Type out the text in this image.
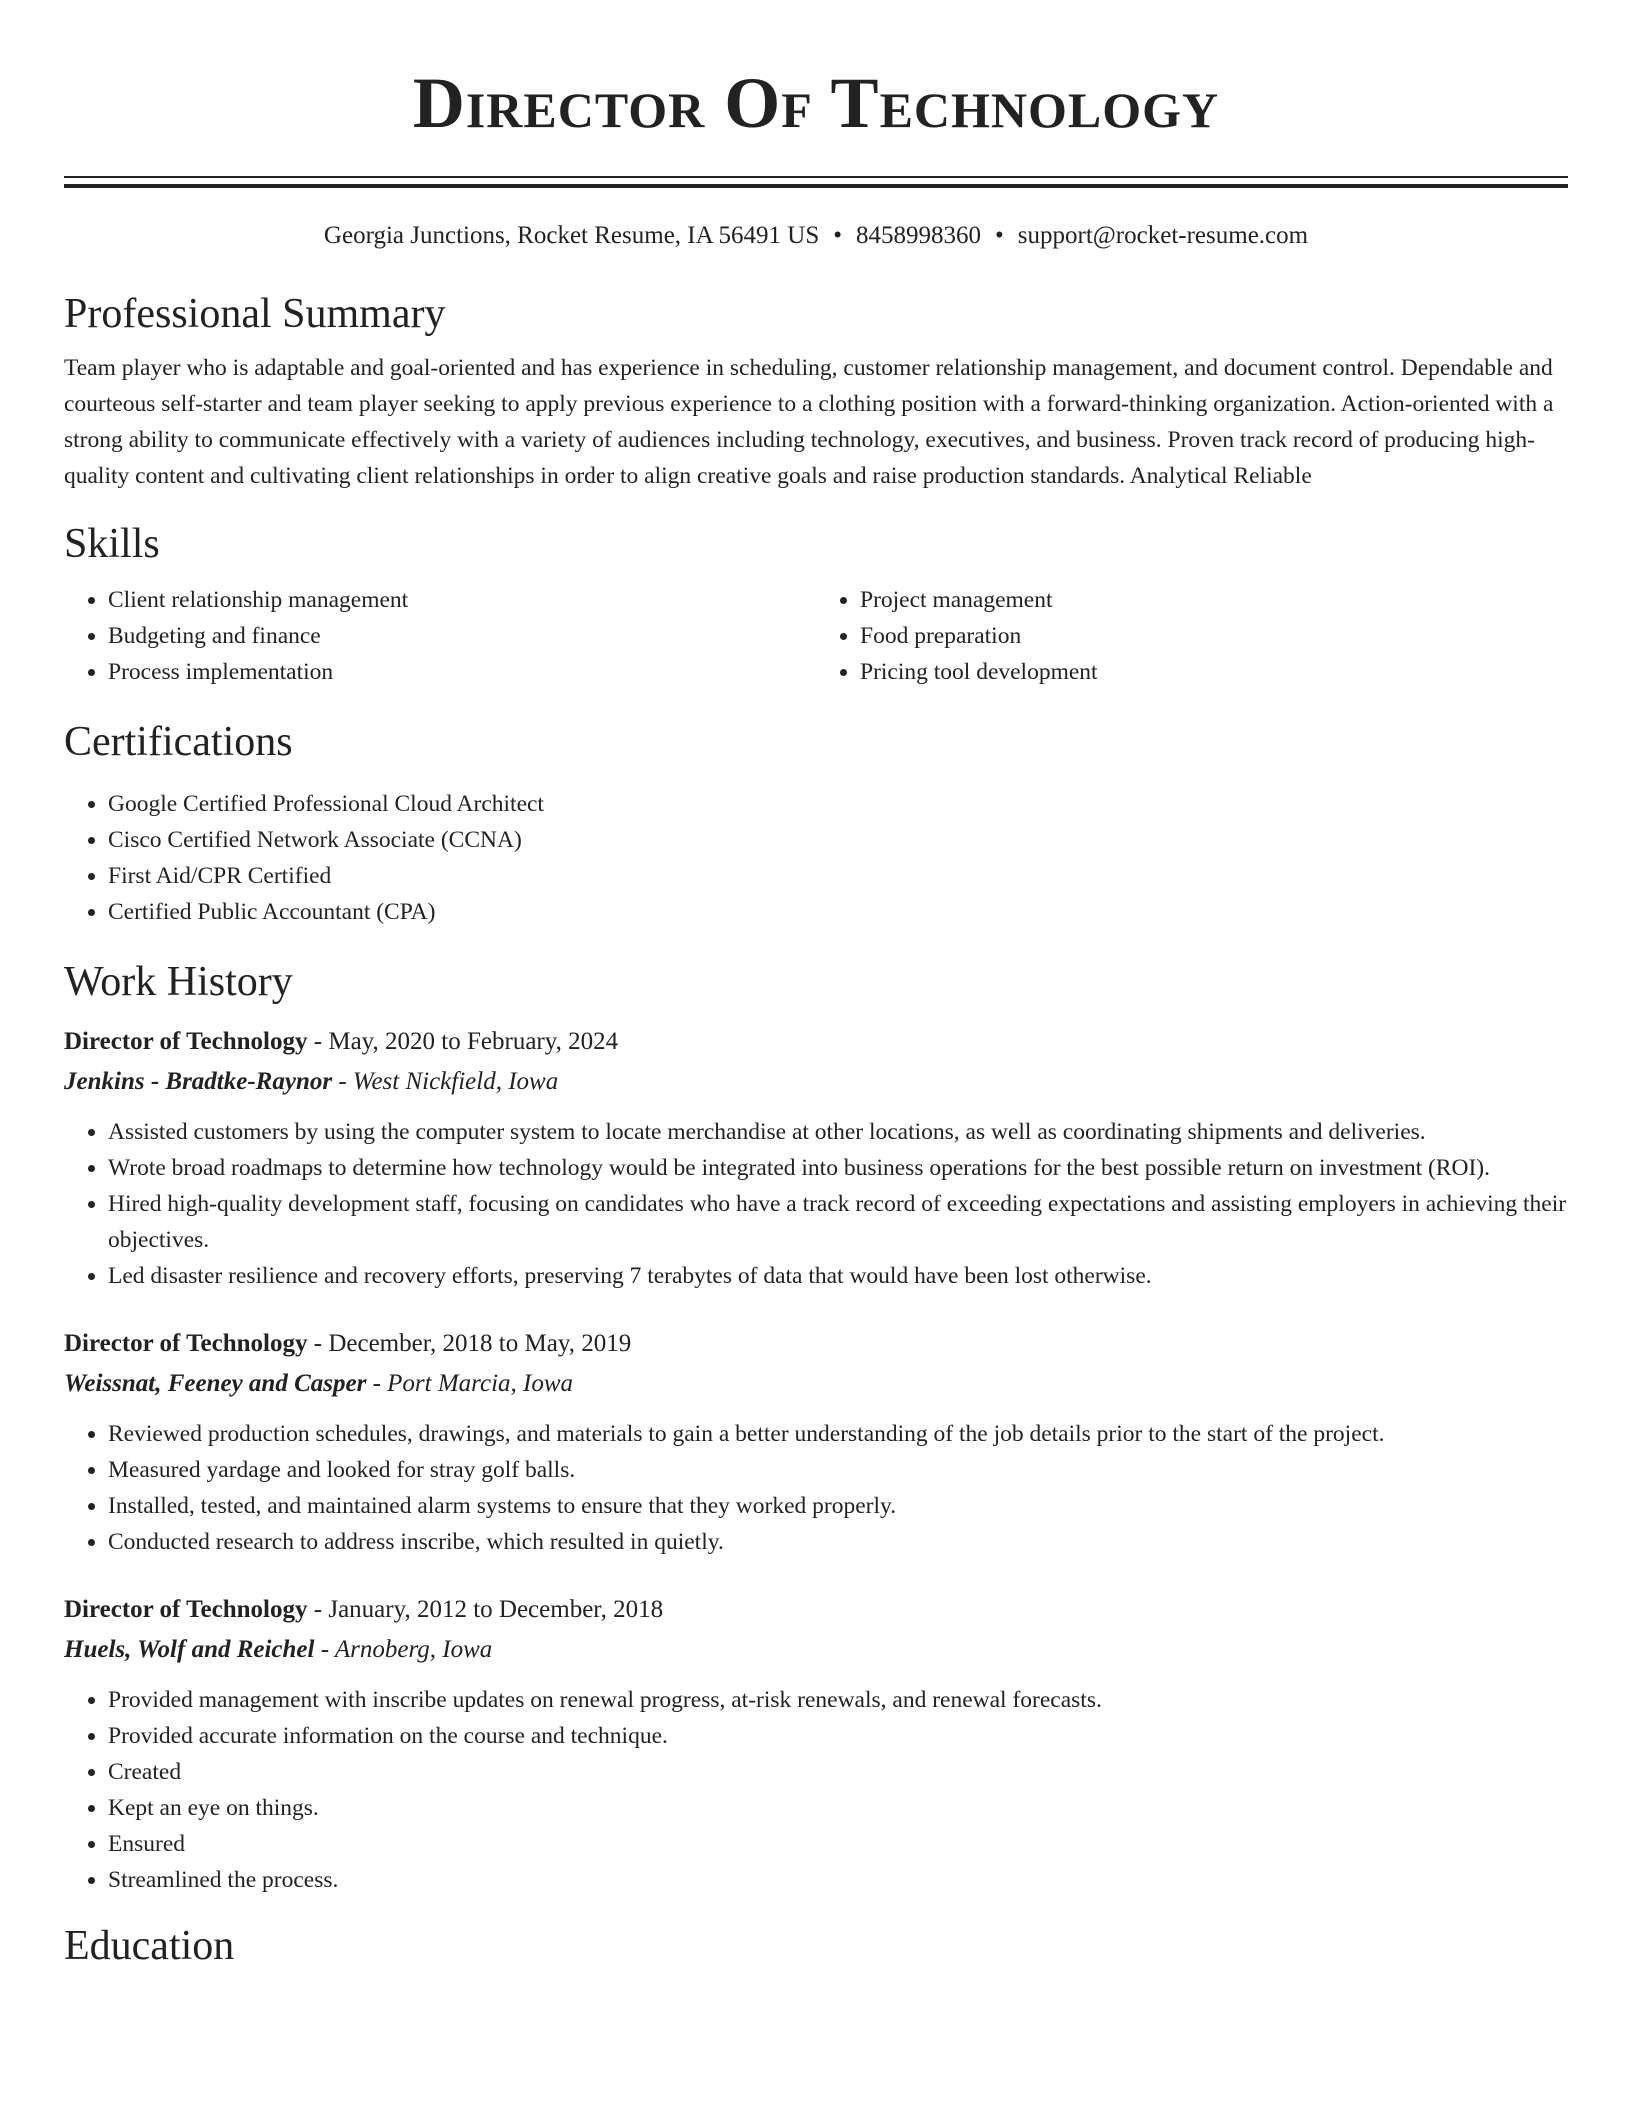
Director Of Technology
Georgia Junctions, Rocket Resume, IA 56491 US • 8458998360 • support@rocket-resume.com
Professional Summary

Team player who is adaptable and goal-oriented and has experience in scheduling, customer relationship management, and document control. Dependable and courteous self-starter and team player seeking to apply previous experience to a clothing position with a forward-thinking organization. Action-oriented with a strong ability to communicate effectively with a variety of audiences including technology, executives, and business. Proven track record of producing high-quality content and cultivating client relationships in order to align creative goals and raise production standards. Analytical Reliable

Skills
• Client relationship management
• Budgeting and finance
• Process implementation
• Project management
• Food preparation
• Pricing tool development
Certifications
• Google Certified Professional Cloud Architect
• Cisco Certified Network Associate (CCNA)
• First Aid/CPR Certified
• Certified Public Accountant (CPA)
Work History
Director of Technology - May, 2020 to February, 2024
Jenkins - Bradtke-Raynor - West Nickfield, Iowa
• Assisted customers by using the computer system to locate merchandise at other locations, as well as coordinating shipments and deliveries.
• Wrote broad roadmaps to determine how technology would be integrated into business operations for the best possible return on investment (ROI).
• Hired high-quality development staff, focusing on candidates who have a track record of exceeding expectations and assisting employers in achieving their objectives.
• Led disaster resilience and recovery efforts, preserving 7 terabytes of data that would have been lost otherwise.
Director of Technology - December, 2018 to May, 2019
Weissnat, Feeney and Casper - Port Marcia, Iowa
• Reviewed production schedules, drawings, and materials to gain a better understanding of the job details prior to the start of the project.
• Measured yardage and looked for stray golf balls.
• Installed, tested, and maintained alarm systems to ensure that they worked properly.
• Conducted research to address inscribe, which resulted in quietly.
Director of Technology - January, 2012 to December, 2018
Huels, Wolf and Reichel - Arnoberg, Iowa
• Provided management with inscribe updates on renewal progress, at-risk renewals, and renewal forecasts.
• Provided accurate information on the course and technique.
• Created
• Kept an eye on things.
• Ensured
• Streamlined the process.
Education
